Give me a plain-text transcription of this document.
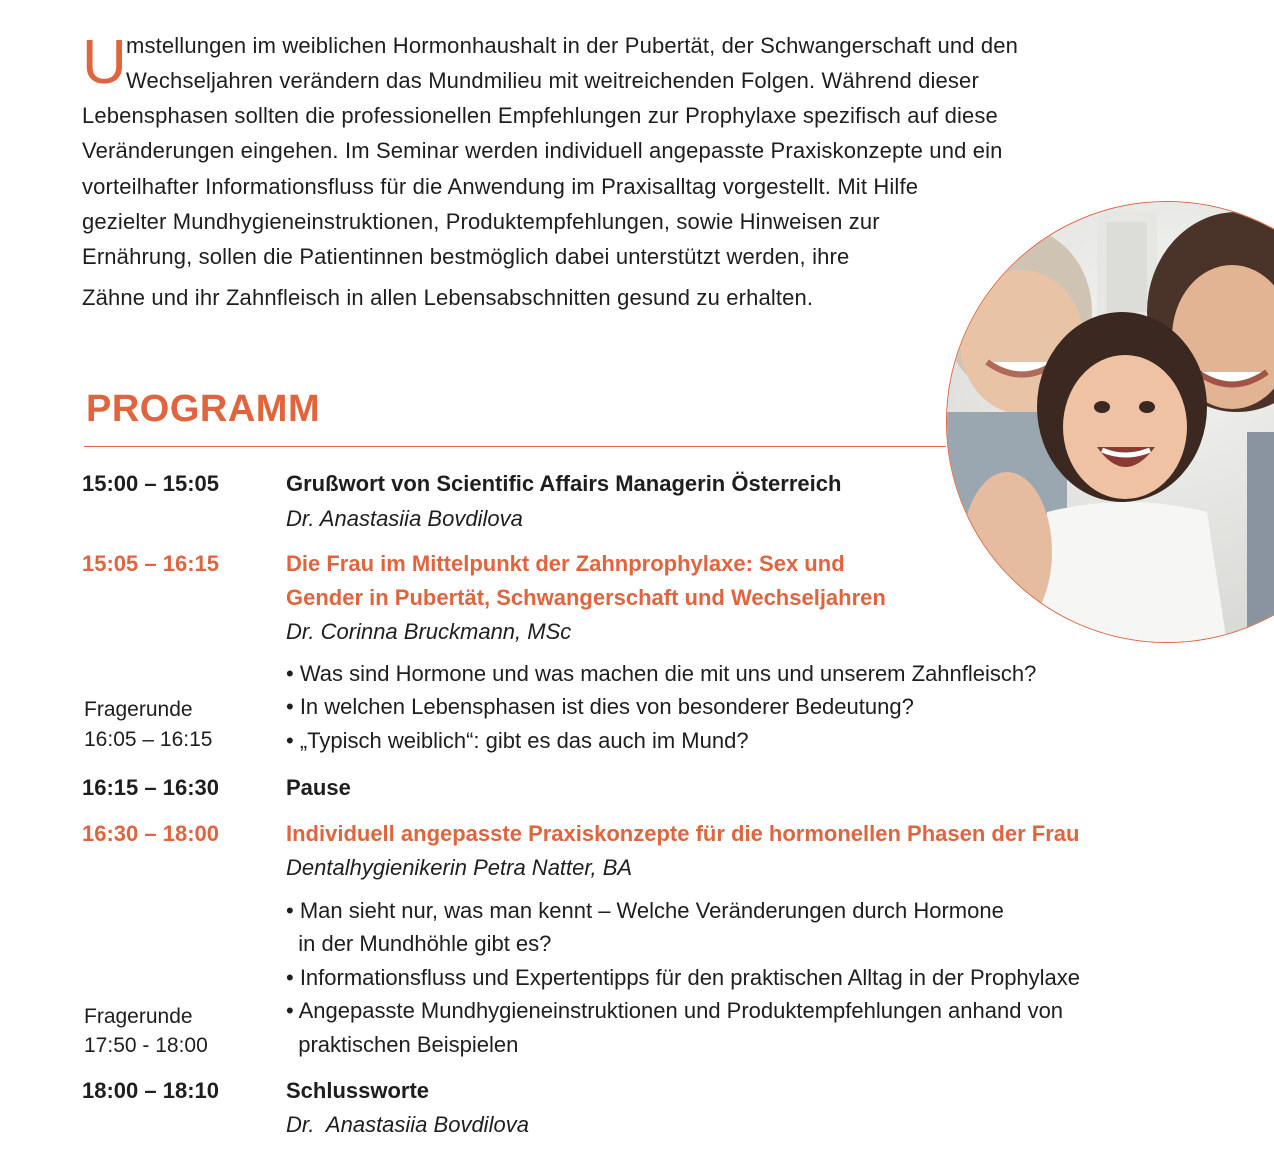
U mstellungen im weiblichen Hormonhaushalt in der Pubertät, der Schwangerschaft und den
Wechseljahren verändern das Mundmilieu mit weitreichenden Folgen. Während dieser
Lebensphasen sollten die professionellen Empfehlungen zur Prophylaxe spezifisch auf diese
Veränderungen eingehen. Im Seminar werden individuell angepasste Praxiskonzepte und ein
vorteilhafter Informationsfluss für die Anwendung im Praxisalltag vorgestellt. Mit Hilfe
gezielter Mundhygieneinstruktionen, Produktempfehlungen, sowie Hinweisen zur
Ernährung, sollen die Patientinnen bestmöglich dabei unterstützt werden, ihre
Zähne und ihr Zahnfleisch in allen Lebensabschnitten gesund zu erhalten.
PROGRAMM
15:00 – 15:05	Grußwort von Scientific Affairs Managerin Österreich
Dr. Anastasiia Bovdilova
15:05 – 16:15	Die Frau im Mittelpunkt der Zahnprophylaxe: Sex und
Gender in Pubertät, Schwangerschaft und Wechseljahren
Dr. Corinna Bruckmann, MSc
• Was sind Hormone und was machen die mit uns und unserem Zahnfleisch?
• In welchen Lebensphasen ist dies von besonderer Bedeutung?
• „Typisch weiblich“: gibt es das auch im Mund?
Fragerunde
16:05 – 16:15
16:15 – 16:30	Pause
16:30 – 18:00	Individuell angepasste Praxiskonzepte für die hormonellen Phasen der Frau
Dentalhygienikerin Petra Natter, BA
• Man sieht nur, was man kennt – Welche Veränderungen durch Hormone
in der Mundhöhle gibt es?
• Informationsfluss und Expertentipps für den praktischen Alltag in der Prophylaxe
• Angepasste Mundhygieneinstruktionen und Produktempfehlungen anhand von
praktischen Beispielen
Fragerunde
17:50 - 18:00
18:00 – 18:10	Schlussworte
Dr.  Anastasiia Bovdilova
